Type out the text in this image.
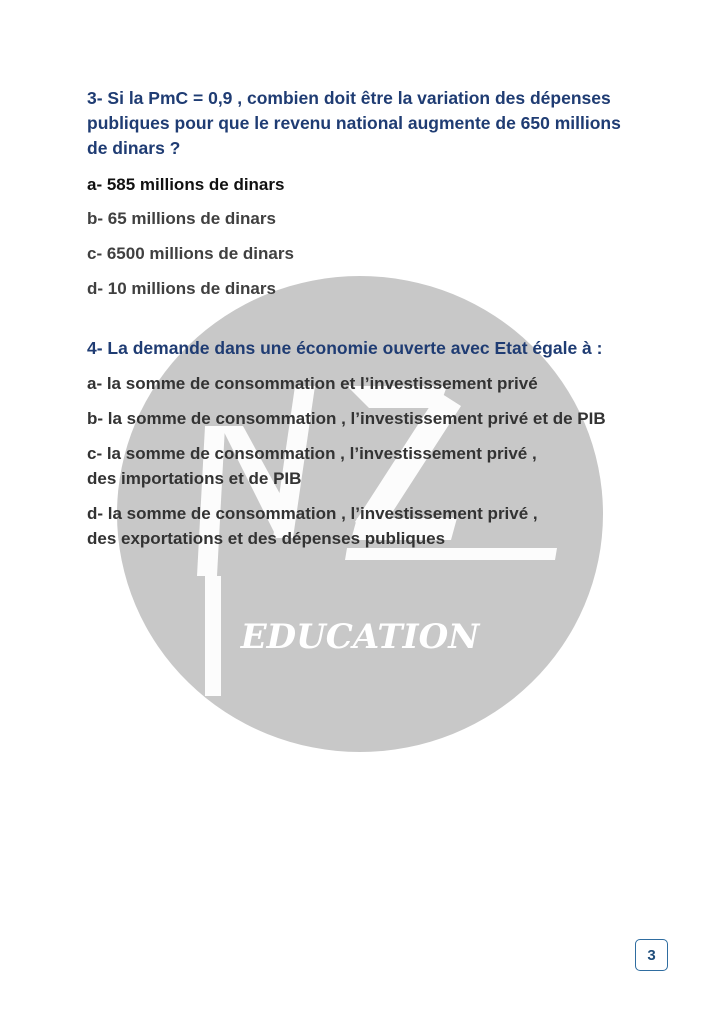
EDUCATION

3- Si la PmC = 0,9 , combien doit être la variation des dépenses
publiques pour que le revenu national augmente de 650 millions
de dinars ?

a- 585 millions de dinars

b- 65 millions de dinars

c- 6500 millions de dinars

d- 10 millions de dinars

4- La demande dans une économie ouverte avec Etat égale à :

a- la somme de consommation et l’investissement privé

b- la somme de consommation , l’investissement privé et de PIB

c- la somme de consommation , l’investissement privé ,
des importations et de PIB

d- la somme de consommation , l’investissement privé ,
des exportations et des dépenses publiques

3
